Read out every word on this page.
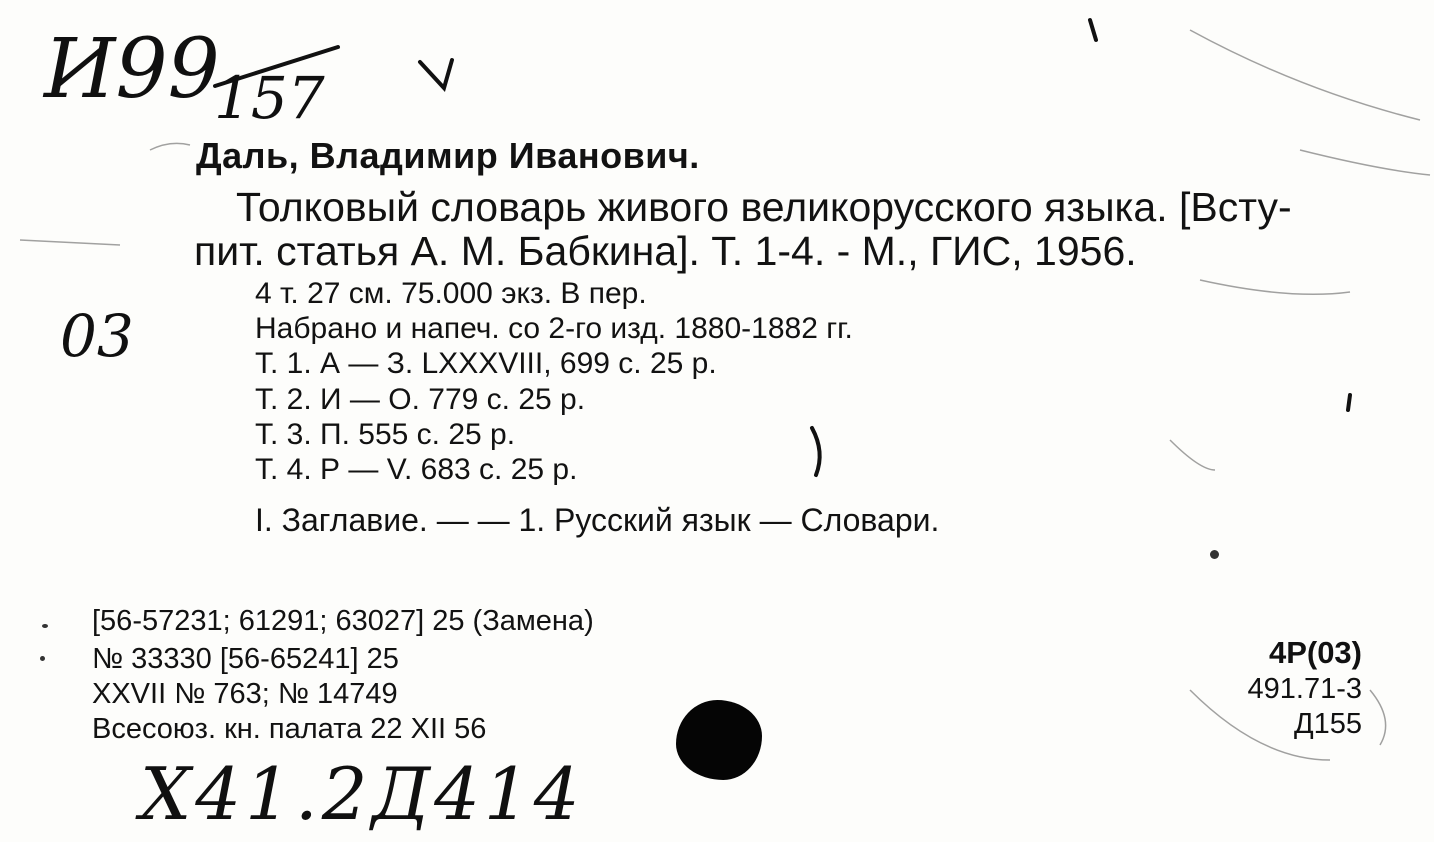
И99
157
03
Даль, Владимир Иванович.
Толковый словарь живого великорусского языка. [Всту-
пит. статья А. М. Бабкина]. Т. 1-4. - М., ГИС, 1956.
4 т. 27 см. 75.000 экз. В пер.
Набрано и напеч. со 2-го изд. 1880-1882 гг.
Т. 1. А — З. LXXXVIII, 699 с. 25 р.
Т. 2. И — О. 779 с. 25 р.
Т. 3. П. 555 с. 25 р.
Т. 4. Р — V. 683 с. 25 р.
I. Заглавие. — — 1. Русский язык — Словари.
[56-57231; 61291; 63027] 25 (Замена)
№ 33330 [56-65241] 25
XXVII № 763; № 14749
Всесоюз. кн. палата 22 XII 56
4Р(03)
491.71-3
Д155
X41.2Д414
